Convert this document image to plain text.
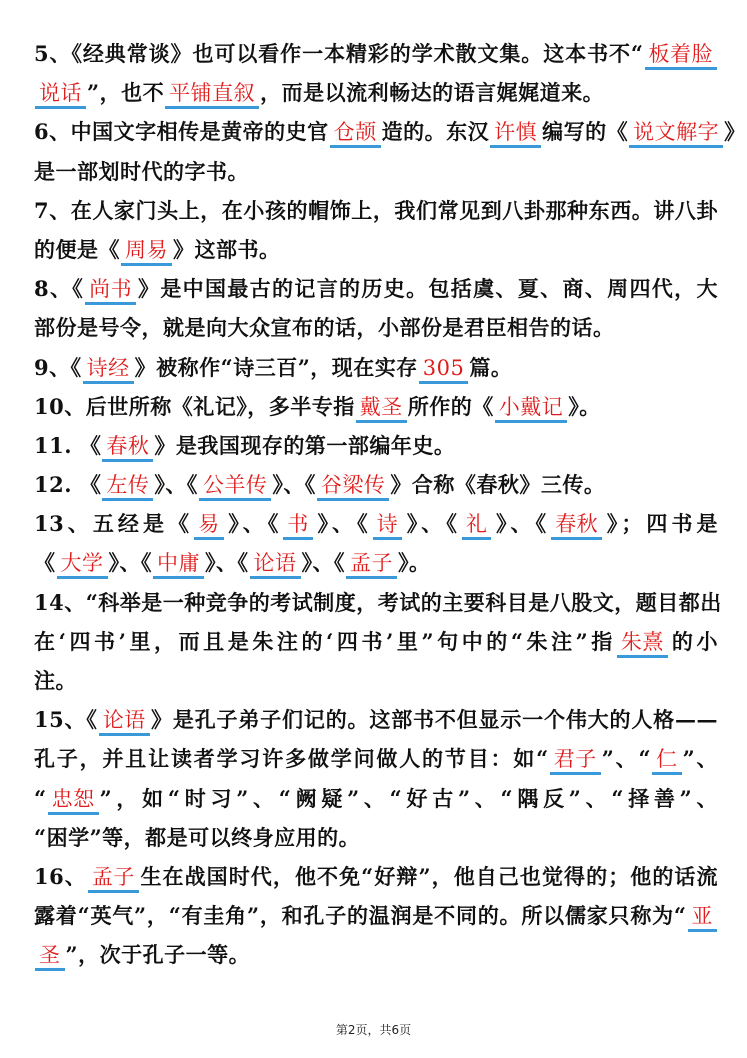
5、《经典常谈》也可以看作一本精彩的学术散文集。这本书不“ 板着脸
说话 ”，也不 平铺直叙 ，而是以流利畅达的语言娓娓道来。
6、中国文字相传是黄帝的史官 仓颉 造的。东汉 许慎 编写的《 说文解字 》
是一部划时代的字书。
7、在人家门头上，在小孩的帽饰上，我们常见到八卦那种东西。讲八卦
的便是《 周易 》这部书。
8、《 尚书 》是中国最古的记言的历史。包括虞、夏、商、周四代，大
部份是号令，就是向大众宣布的话，小部份是君臣相告的话。
9、《 诗经 》被称作“诗三百”，现在实存 305 篇。
10、后世所称《礼记》，多半专指 戴圣 所作的《 小戴记 》。
11. 《 春秋 》是我国现存的第一部编年史。
12. 《 左传 》、《 公羊传 》、《 谷梁传 》合称《春秋》三传。
13、五经是《 易 》、《 书 》、《 诗 》、《 礼 》、《 春秋 》；四书是
《 大学 》、《 中庸 》、《 论语 》、《 孟子 》。
14、“科举是一种竞争的考试制度，考试的主要科目是八股文，题目都出
在‘四书’里，而且是朱注的‘四书’里”句中的“朱注”指 朱熹 的小
注。
15、《 论语 》是孔子弟子们记的。这部书不但显示一个伟大的人格——
孔子，并且让读者学习许多做学问做人的节目：如“ 君子 ”、“ 仁 ”、
“ 忠恕 ”，如“时习”、“阙疑”、“好古”、“隅反”、“择善”、
“困学”等，都是可以终身应用的。
16、 孟子 生在战国时代，他不免“好辩”，他自己也觉得的；他的话流
露着“英气”，“有圭角”，和孔子的温润是不同的。所以儒家只称为“ 亚
圣 ”，次于孔子一等。
第2页，共6页
